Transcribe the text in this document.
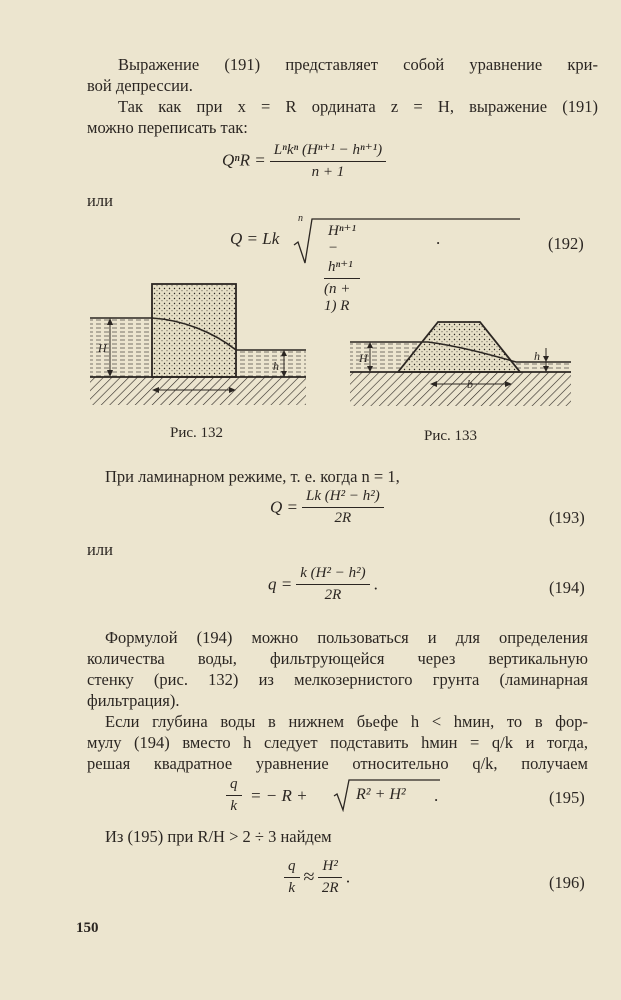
Выражение (191) представляет собой уравнение кри-
вой депрессии.
Так как при x = R ордината z = H, выражение (191)
можно переписать так:
$Q^nR = \frac{\text{Lⁿkⁿ (Hⁿ⁺¹ − hⁿ⁺¹)}}{n + 1}$
или
Q = Lk
n
$\frac{\text{Hⁿ⁺¹ − hⁿ⁺¹}}{(n + 1) R}$	.	(192)
H
h
Рис. 132
H	h
b
Рис. 133
При ламинарном режиме, т. е. когда n = 1,
$Q = \frac{\text{Lk (H² − h²)}}{2R}$	(193)
или
$q = \frac{\text{k (H² − h²)}}{2R}$ .	(194)
Формулой (194) можно пользоваться и для определения
количества воды, фильтрующейся через вертикальную
стенку (рис. 132) из мелкозернистого грунта (ламинарная
фильтрация).
Если глубина воды в нижнем бьефе h < hмин, то в фор-
мулу (194) вместо h следует подставить hмин = q/k и тогда,
решая квадратное уравнение относительно q/k, получаем
$\frac{q}{k}$ = − R +	R² + H² .	(195)
Из (195) при R/H > 2 ÷ 3 найдем
$\frac{q}{k} \approx \frac{\text{H²}}{2R}$ .	(196)
150
